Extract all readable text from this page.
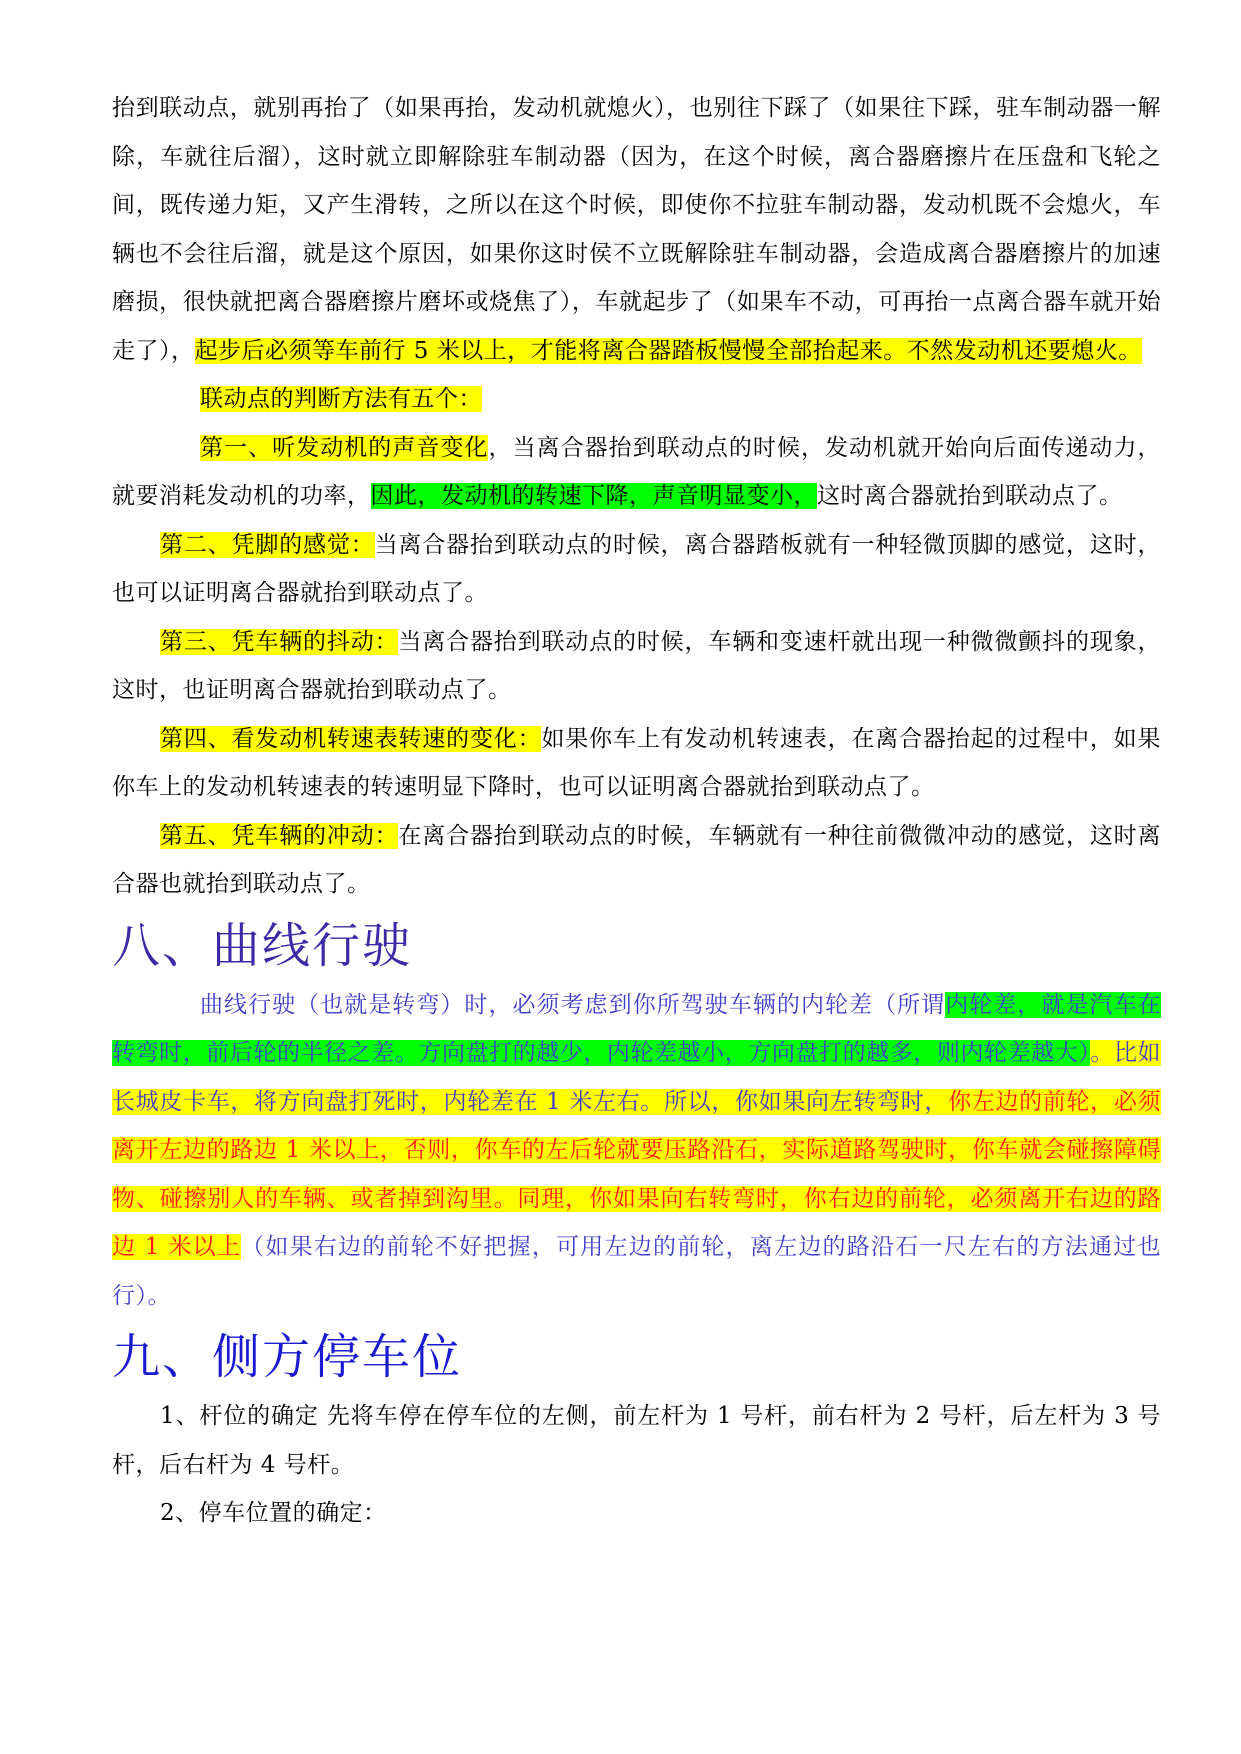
抬到联动点，就别再抬了（如果再抬，发动机就熄火），也别往下踩了（如果往下踩，驻车制动器一解除，车就往后溜），这时就立即解除驻车制动器（因为，在这个时候，离合器磨擦片在压盘和飞轮之间，既传递力矩，又产生滑转，之所以在这个时候，即使你不拉驻车制动器，发动机既不会熄火，车辆也不会往后溜，就是这个原因，如果你这时侯不立既解除驻车制动器，会造成离合器磨擦片的加速磨损，很快就把离合器磨擦片磨坏或烧焦了），车就起步了（如果车不动，可再抬一点离合器车就开始走了），起步后必须等车前行 5 米以上，才能将离合器踏板慢慢全部抬起来。不然发动机还要熄火。

联动点的判断方法有五个：

第一、听发动机的声音变化，当离合器抬到联动点的时候，发动机就开始向后面传递动力，就要消耗发动机的功率，因此，发动机的转速下降，声音明显变小，这时离合器就抬到联动点了。

第二、凭脚的感觉：当离合器抬到联动点的时候，离合器踏板就有一种轻微顶脚的感觉，这时，也可以证明离合器就抬到联动点了。

第三、凭车辆的抖动：当离合器抬到联动点的时候，车辆和变速杆就出现一种微微颤抖的现象，这时，也证明离合器就抬到联动点了。

第四、看发动机转速表转速的变化：如果你车上有发动机转速表，在离合器抬起的过程中，如果你车上的发动机转速表的转速明显下降时，也可以证明离合器就抬到联动点了。

第五、凭车辆的冲动：在离合器抬到联动点的时候，车辆就有一种往前微微冲动的感觉，这时离合器也就抬到联动点了。

八、曲线行驶

曲线行驶（也就是转弯）时，必须考虑到你所驾驶车辆的内轮差（所谓内轮差，就是汽车在转弯时，前后轮的半径之差。方向盘打的越少，内轮差越小，方向盘打的越多，则内轮差越大）。比如长城皮卡车，将方向盘打死时，内轮差在 1 米左右。所以，你如果向左转弯时，你左边的前轮，必须离开左边的路边 1 米以上，否则，你车的左后轮就要压路沿石，实际道路驾驶时，你车就会碰擦障碍物、碰擦别人的车辆、或者掉到沟里。同理，你如果向右转弯时，你右边的前轮，必须离开右边的路边 1 米以上（如果右边的前轮不好把握，可用左边的前轮，离左边的路沿石一尺左右的方法通过也行）。

九、侧方停车位

1、杆位的确定 先将车停在停车位的左侧，前左杆为 1 号杆，前右杆为 2 号杆，后左杆为 3 号杆，后右杆为 4 号杆。

2、停车位置的确定：
